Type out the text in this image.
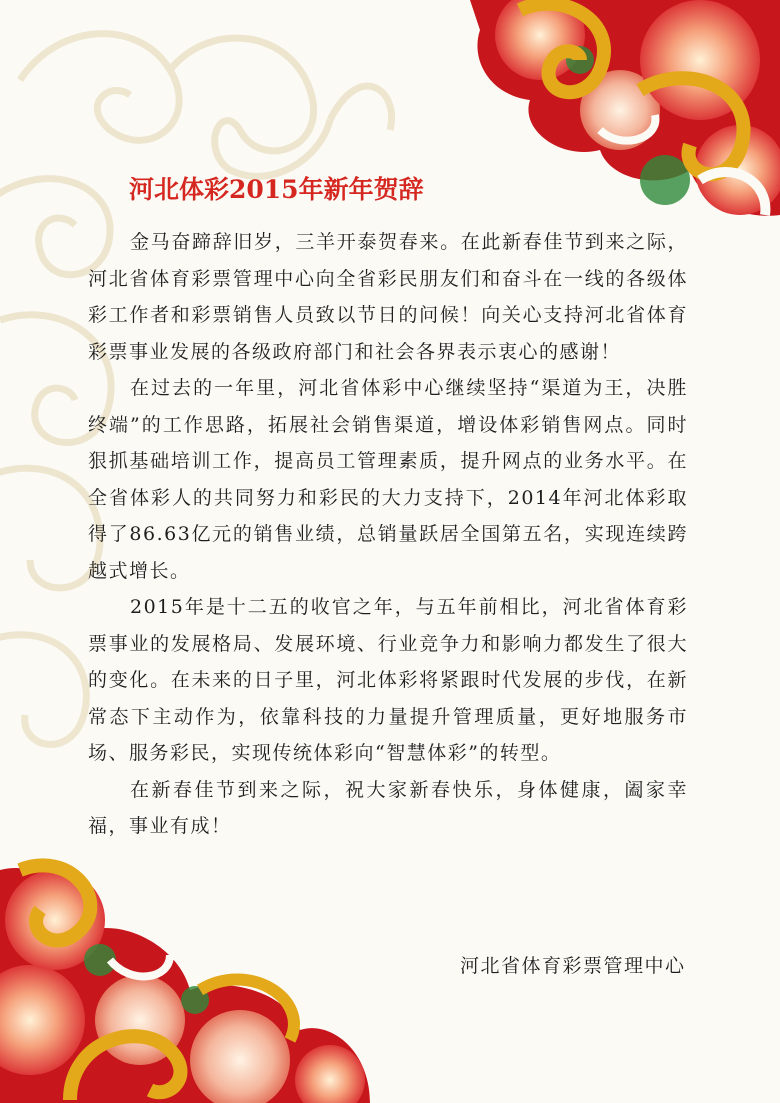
河北体彩2015年新年贺辞

金马奋蹄辞旧岁，三羊开泰贺春来。在此新春佳节到来之际，河北省体育彩票管理中心向全省彩民朋友们和奋斗在一线的各级体彩工作者和彩票销售人员致以节日的问候！向关心支持河北省体育彩票事业发展的各级政府部门和社会各界表示衷心的感谢！

在过去的一年里，河北省体彩中心继续坚持“渠道为王，决胜终端”的工作思路，拓展社会销售渠道，增设体彩销售网点。同时狠抓基础培训工作，提高员工管理素质，提升网点的业务水平。在全省体彩人的共同努力和彩民的大力支持下，2014年河北体彩取得了86.63亿元的销售业绩，总销量跃居全国第五名，实现连续跨越式增长。

2015年是十二五的收官之年，与五年前相比，河北省体育彩票事业的发展格局、发展环境、行业竞争力和影响力都发生了很大的变化。在未来的日子里，河北体彩将紧跟时代发展的步伐，在新常态下主动作为，依靠科技的力量提升管理质量，更好地服务市场、服务彩民，实现传统体彩向“智慧体彩”的转型。

在新春佳节到来之际，祝大家新春快乐，身体健康，阖家幸福，事业有成！

河北省体育彩票管理中心
